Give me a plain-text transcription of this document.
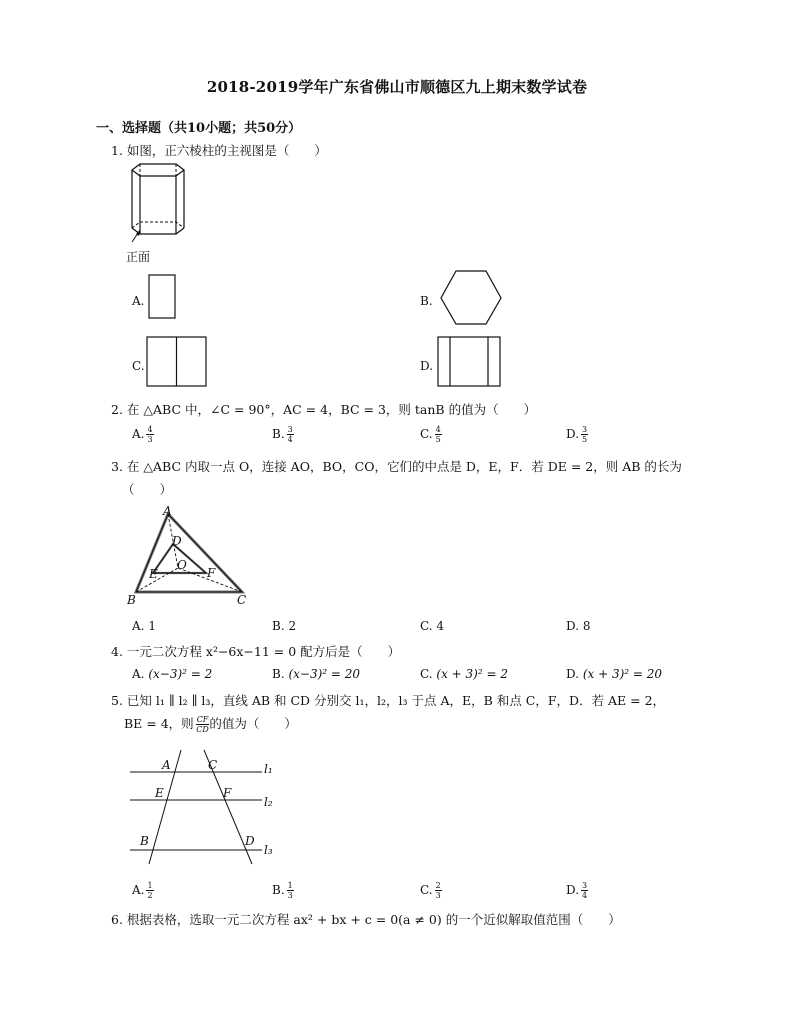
2018-2019学年广东省佛山市顺德区九上期末数学试卷
一、选择题（共10小题；共50分）
1. 如图，正六棱柱的主视图是（　　）
正面
A.	B.
C.	D.
2. 在 △ABC 中，∠C = 90°，AC = 4，BC = 3，则 tanB 的值为（　　）
A. $\frac{4}{3}$	B. $\frac{3}{4}$	C. $\frac{4}{5}$	D. $\frac{3}{5}$
3. 在 △ABC 内取一点 O，连接 AO，BO，CO，它们的中点是 D，E，F．若 DE = 2，则 AB 的长为
（　　）
A
B	C
D
E	F
O
A. 1	B. 2	C. 4	D. 8
4. 一元二次方程 x²−6x−11 = 0 配方后是（　　）
A. (x−3)² = 2	B. (x−3)² = 20	C. (x + 3)² = 2	D. (x + 3)² = 20
5. 已知 l₁ ∥ l₂ ∥ l₃，直线 AB 和 CD 分别交 l₁，l₂，l₃ 于点 A，E，B 和点 C，F，D．若 AE = 2，
BE = 4，则 $\frac{CF}{CD}$ 的值为（　　）
A	C
E	F
B	D
l₁
l₂
l₃
A. $\frac{1}{2}$	B. $\frac{1}{3}$	C. $\frac{2}{3}$	D. $\frac{3}{4}$
6. 根据表格，选取一元二次方程 ax² + bx + c = 0(a ≠ 0) 的一个近似解取值范围（　　）
